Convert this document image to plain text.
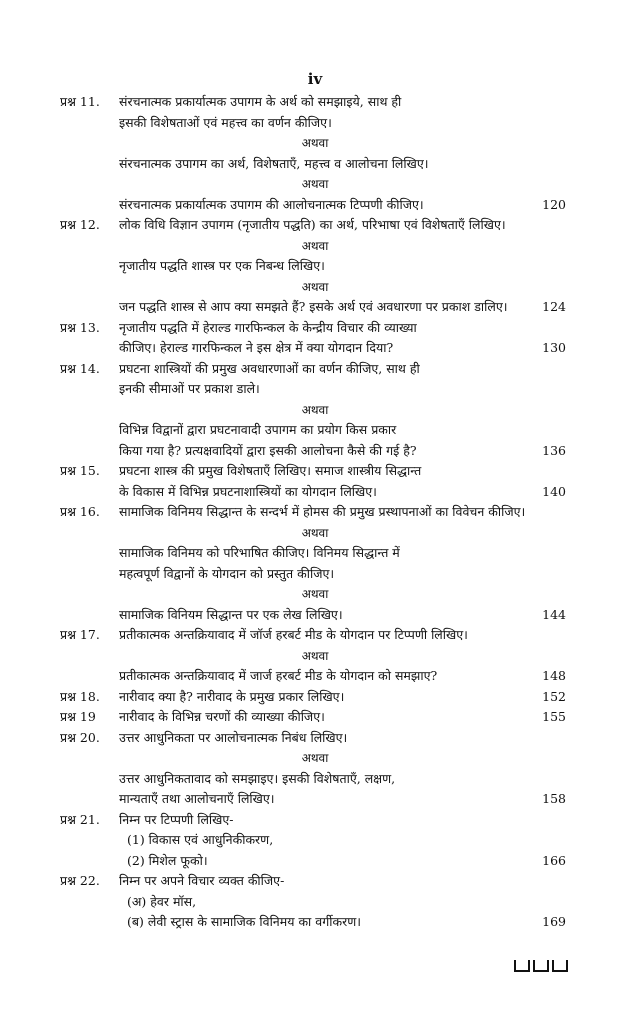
iv
प्रश्न 11. संरचनात्मक प्रकार्यात्मक उपागम के अर्थ को समझाइये, साथ ही
इसकी विशेषताओं एवं महत्त्व का वर्णन कीजिए।
अथवा
संरचनात्मक उपागम का अर्थ, विशेषताएँ, महत्त्व व आलोचना लिखिए।
अथवा
संरचनात्मक प्रकार्यात्मक उपागम की आलोचनात्मक टिप्पणी कीजिए।	120
प्रश्न 12. लोक विधि विज्ञान उपागम (नृजातीय पद्धति) का अर्थ, परिभाषा एवं विशेषताएँ लिखिए।
अथवा
नृजातीय पद्धति शास्त्र पर एक निबन्ध लिखिए।
अथवा
जन पद्धति शास्त्र से आप क्या समझते हैं? इसके अर्थ एवं अवधारणा पर प्रकाश डालिए।	124
प्रश्न 13. नृजातीय पद्धति में हेराल्ड गारफिन्कल के केन्द्रीय विचार की व्याख्या
कीजिए। हेराल्ड गारफिन्कल ने इस क्षेत्र में क्या योगदान दिया?	130
प्रश्न 14. प्रघटना शास्त्रियों की प्रमुख अवधारणाओं का वर्णन कीजिए, साथ ही
इनकी सीमाओं पर प्रकाश डाले।
अथवा
विभिन्न विद्वानों द्वारा प्रघटनावादी उपागम का प्रयोग किस प्रकार
किया गया है? प्रत्यक्षवादियों द्वारा इसकी आलोचना कैसे की गई है?	136
प्रश्न 15. प्रघटना शास्त्र की प्रमुख विशेषताएँ लिखिए। समाज शास्त्रीय सिद्धान्त
के विकास में विभिन्न प्रघटनाशास्त्रियों का योगदान लिखिए।	140
प्रश्न 16. सामाजिक विनिमय सिद्धान्त के सन्दर्भ में होमस की प्रमुख प्रस्थापनाओं का विवेचन कीजिए।
अथवा
सामाजिक विनिमय को परिभाषित कीजिए। विनिमय सिद्धान्त में
महत्वपूर्ण विद्वानों के योगदान को प्रस्तुत कीजिए।
अथवा
सामाजिक विनियम सिद्धान्त पर एक लेख लिखिए।	144
प्रश्न 17. प्रतीकात्मक अन्तक्रियावाद में जॉर्ज हरबर्ट मीड के योगदान पर टिप्पणी लिखिए।
अथवा
प्रतीकात्मक अन्तक्रियावाद में जार्ज हरबर्ट मीड के योगदान को समझाए?	148
प्रश्न 18. नारीवाद क्या है? नारीवाद के प्रमुख प्रकार लिखिए।	152
प्रश्न 19 नारीवाद के विभिन्न चरणों की व्याख्या कीजिए।	155
प्रश्न 20. उत्तर आधुनिकता पर आलोचनात्मक निबंध लिखिए।
अथवा
उत्तर आधुनिकतावाद को समझाइए। इसकी विशेषताएँ, लक्षण,
मान्यताएँ तथा आलोचनाएँ लिखिए।	158
प्रश्न 21. निम्न पर टिप्पणी लिखिए-
(1) विकास एवं आधुनिकीकरण,
(2) मिशेल फूको।	166
प्रश्न 22. निम्न पर अपने विचार व्यक्त कीजिए-
(अ) हेवर मॉस,
(ब) लेवी स्ट्रास के सामाजिक विनिमय का वर्गीकरण।	169
